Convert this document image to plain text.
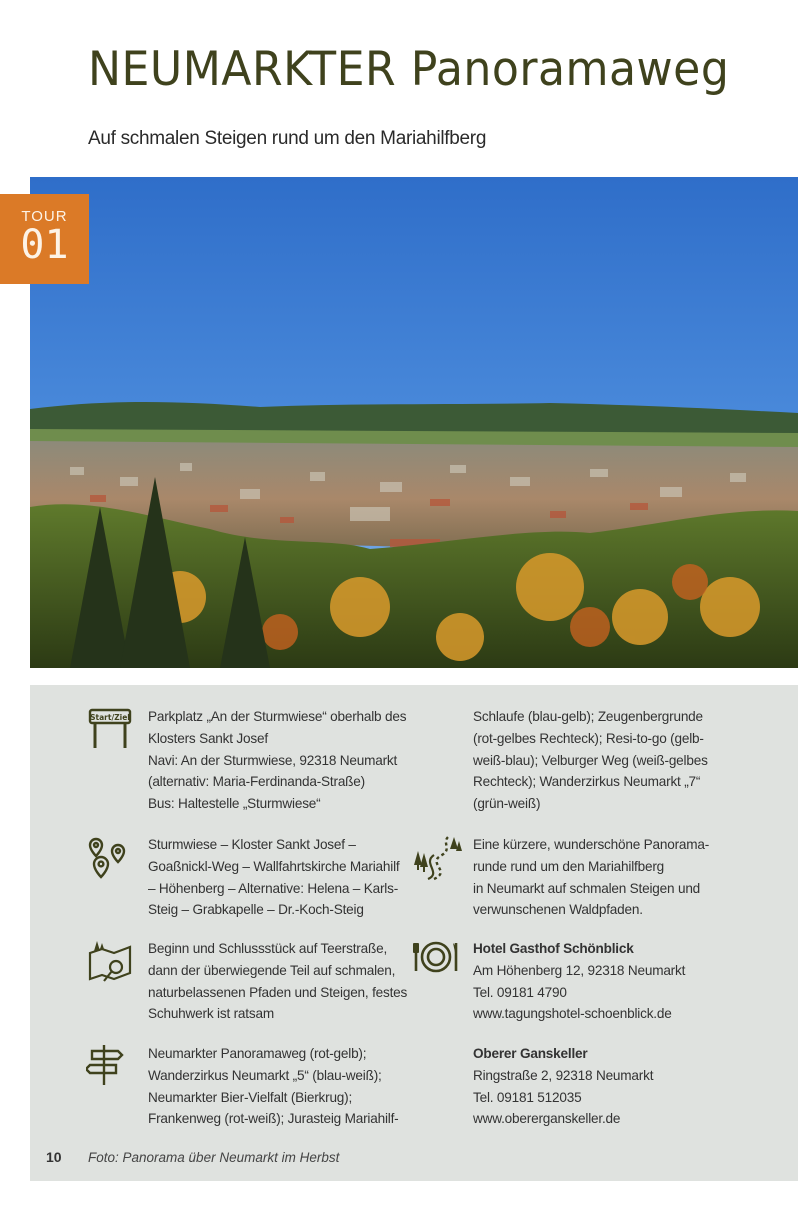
NEUMARKTER Panoramaweg

Auf schmalen Steigen rund um den Mariahilfberg

TOUR
01
Start/Ziel Parkplatz „An der Sturmwiese“ oberhalb des
Klosters Sankt Josef
Navi: An der Sturmwiese, 92318 Neumarkt
(alternativ: Maria-Ferdinanda-Straße)
Bus: Haltestelle „Sturmwiese“
Sturmwiese – Kloster Sankt Josef –
Goaßnickl-Weg – Wallfahrtskirche Mariahilf
– Höhenberg – Alternative: Helena – Karls-
Steig – Grabkapelle – Dr.-Koch-Steig
Beginn und Schlussstück auf Teerstraße,
dann der überwiegende Teil auf schmalen,
naturbelassenen Pfaden und Steigen, festes
Schuhwerk ist ratsam
Neumarkter Panoramaweg (rot-gelb);
Wanderzirkus Neumarkt „5“ (blau-weiß);
Neumarkter Bier-Vielfalt (Bierkrug);
Frankenweg (rot-weiß); Jurasteig Mariahilf-
Schlaufe (blau-gelb); Zeugenbergrunde
(rot-gelbes Rechteck); Resi-to-go (gelb-
weiß-blau); Velburger Weg (weiß-gelbes
Rechteck); Wanderzirkus Neumarkt „7“
(grün-weiß)
Eine kürzere, wunderschöne Panorama-
runde rund um den Mariahilfberg
in Neumarkt auf schmalen Steigen und
verwunschenen Waldpfaden.
Hotel Gasthof Schönblick
Am Höhenberg 12, 92318 Neumarkt
Tel. 09181 4790
www.tagungshotel-schoenblick.de
Oberer Ganskeller
Ringstraße 2, 92318 Neumarkt
Tel. 09181 512035
www.obererganskeller.de
10 Foto: Panorama über Neumarkt im Herbst
